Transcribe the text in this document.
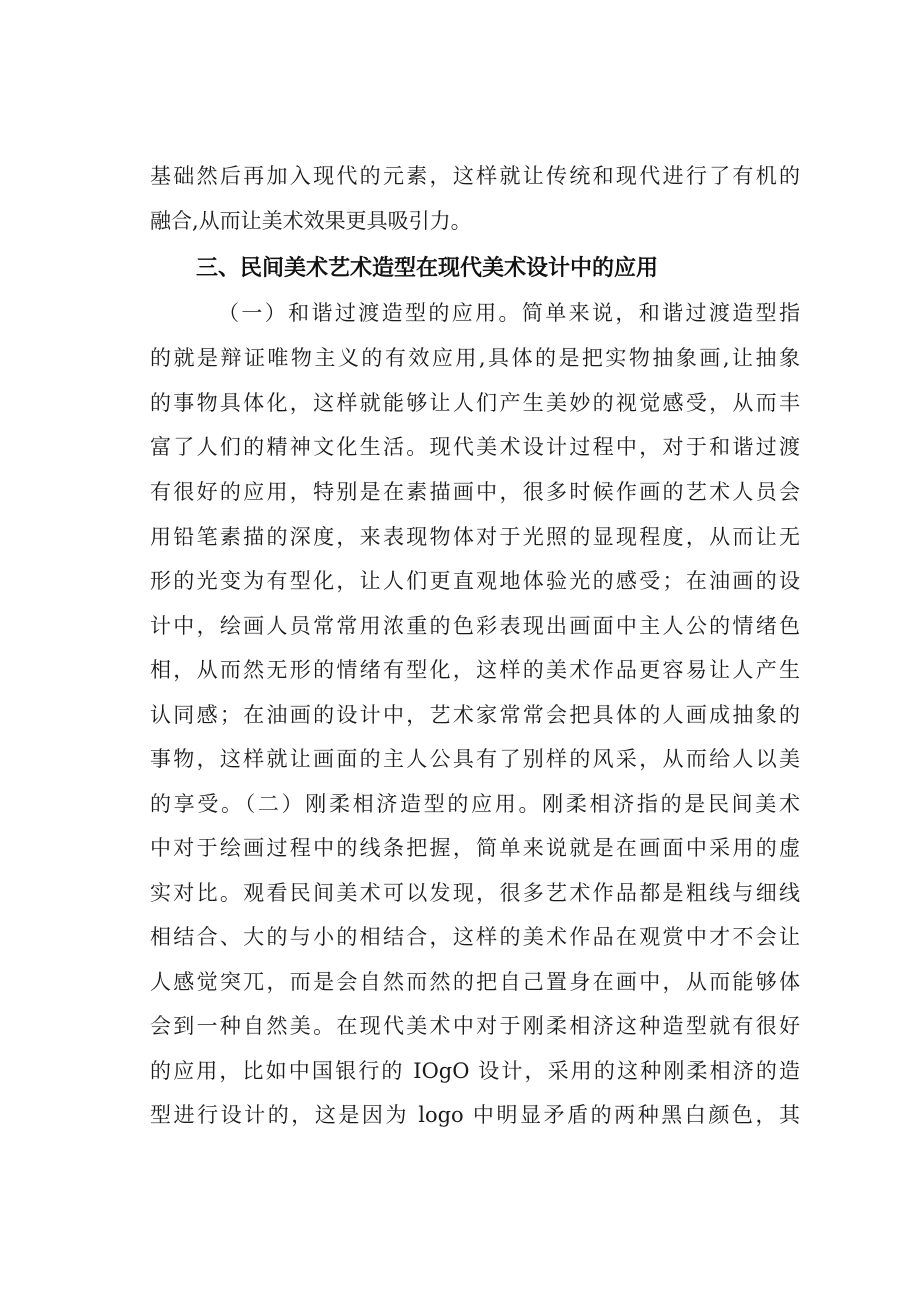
基础然后再加入现代的元素，这样就让传统和现代进行了有机的
融合,从而让美术效果更具吸引力。
三、民间美术艺术造型在现代美术设计中的应用
（一）和谐过渡造型的应用。简单来说，和谐过渡造型指
的就是辩证唯物主义的有效应用,具体的是把实物抽象画,让抽象
的事物具体化，这样就能够让人们产生美妙的视觉感受，从而丰
富了人们的精神文化生活。现代美术设计过程中，对于和谐过渡
有很好的应用，特别是在素描画中，很多时候作画的艺术人员会
用铅笔素描的深度，来表现物体对于光照的显现程度，从而让无
形的光变为有型化，让人们更直观地体验光的感受；在油画的设
计中，绘画人员常常用浓重的色彩表现出画面中主人公的情绪色
相，从而然无形的情绪有型化，这样的美术作品更容易让人产生
认同感；在油画的设计中，艺术家常常会把具体的人画成抽象的
事物，这样就让画面的主人公具有了别样的风采，从而给人以美
的享受。（二）刚柔相济造型的应用。刚柔相济指的是民间美术
中对于绘画过程中的线条把握，简单来说就是在画面中采用的虚
实对比。观看民间美术可以发现，很多艺术作品都是粗线与细线
相结合、大的与小的相结合，这样的美术作品在观赏中才不会让
人感觉突兀，而是会自然而然的把自己置身在画中，从而能够体
会到一种自然美。在现代美术中对于刚柔相济这种造型就有很好
的应用，比如中国银行的 IOgO 设计，采用的这种刚柔相济的造
型进行设计的，这是因为 logo 中明显矛盾的两种黑白颜色，其
